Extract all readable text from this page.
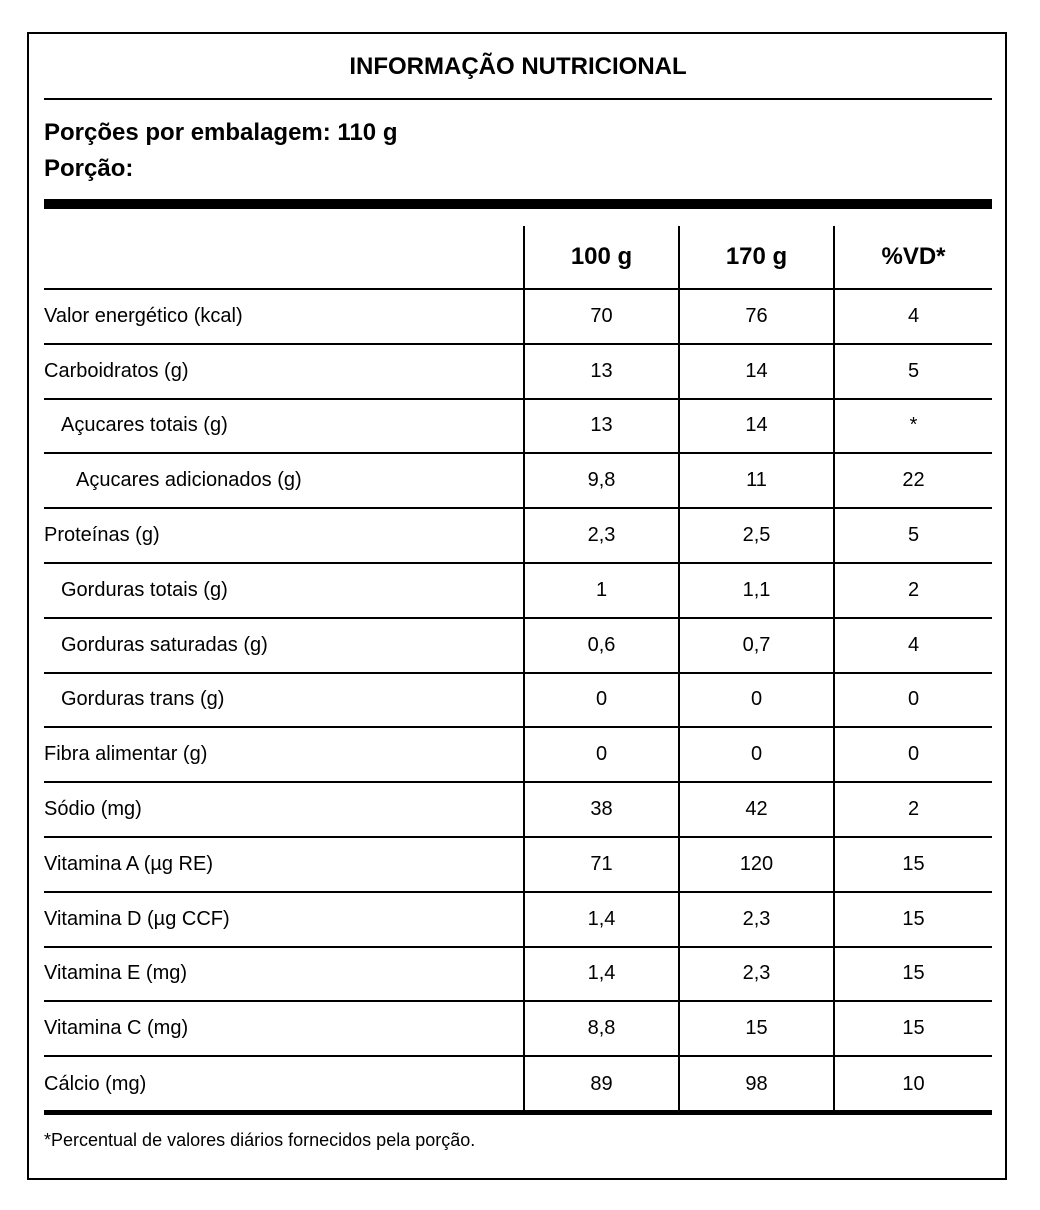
INFORMAÇÃO NUTRICIONAL
Porções por embalagem: 110 g
Porção:
	100 g	170 g	%VD*
Valor energético (kcal)	70	76	4
Carboidratos (g)	13	14	5
Açucares totais (g)	13	14	*
Açucares adicionados (g)	9,8	11	22
Proteínas (g)	2,3	2,5	5
Gorduras totais (g)	1	1,1	2
Gorduras saturadas (g)	0,6	0,7	4
Gorduras trans (g)	0	0	0
Fibra alimentar (g)	0	0	0
Sódio (mg)	38	42	2
Vitamina A (µg RE)	71	120	15
Vitamina D (µg CCF)	1,4	2,3	15
Vitamina E (mg)	1,4	2,3	15
Vitamina C (mg)	8,8	15	15
Cálcio (mg)	89	98	10
*Percentual de valores diários fornecidos pela porção.
